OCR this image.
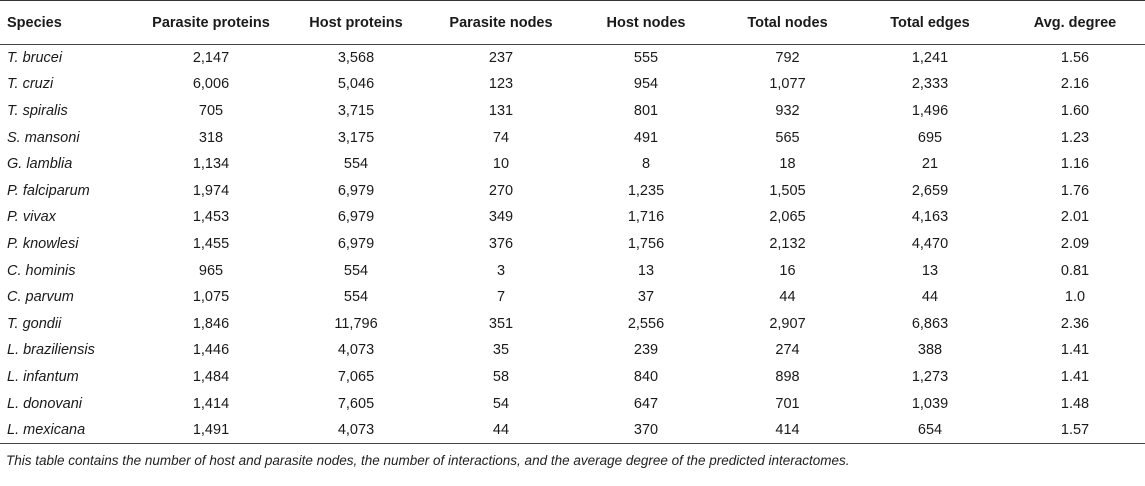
Species	Parasite proteins	Host proteins	Parasite nodes	Host nodes	Total nodes	Total edges	Avg. degree
T. brucei	2,147	3,568	237	555	792	1,241	1.56
T. cruzi	6,006	5,046	123	954	1,077	2,333	2.16
T. spiralis	705	3,715	131	801	932	1,496	1.60
S. mansoni	318	3,175	74	491	565	695	1.23
G. lamblia	1,134	554	10	8	18	21	1.16
P. falciparum	1,974	6,979	270	1,235	1,505	2,659	1.76
P. vivax	1,453	6,979	349	1,716	2,065	4,163	2.01
P. knowlesi	1,455	6,979	376	1,756	2,132	4,470	2.09
C. hominis	965	554	3	13	16	13	0.81
C. parvum	1,075	554	7	37	44	44	1.0
T. gondii	1,846	11,796	351	2,556	2,907	6,863	2.36
L. braziliensis	1,446	4,073	35	239	274	388	1.41
L. infantum	1,484	7,065	58	840	898	1,273	1.41
L. donovani	1,414	7,605	54	647	701	1,039	1.48
L. mexicana	1,491	4,073	44	370	414	654	1.57
This table contains the number of host and parasite nodes, the number of interactions, and the average degree of the predicted interactomes.
